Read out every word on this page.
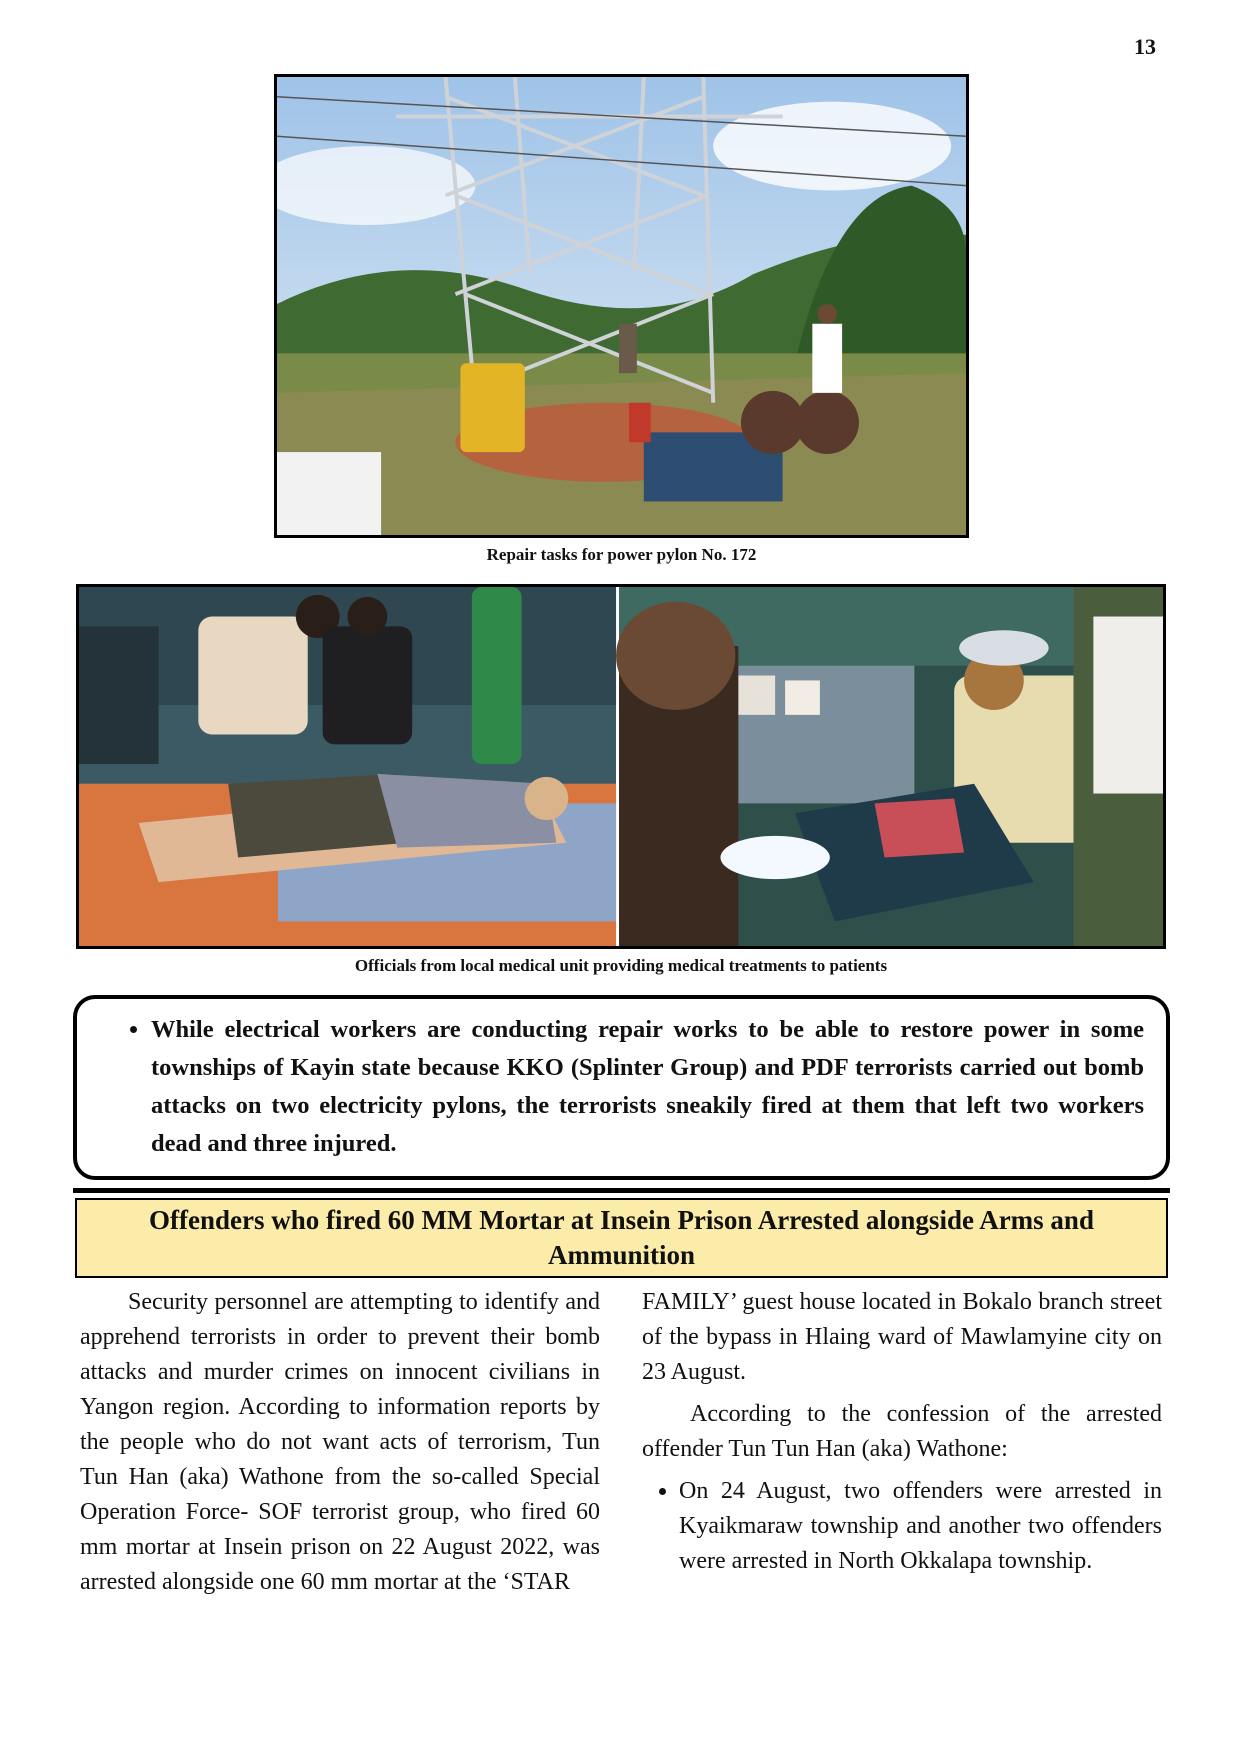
13
Repair tasks for power pylon No. 172
Officials from local medical unit providing medical treatments to patients
• While electrical workers are conducting repair works to be able to restore power in some townships of Kayin state because KKO (Splinter Group) and PDF terrorists carried out bomb attacks on two electricity pylons, the terrorists sneakily fired at them that left two workers dead and three injured.
Offenders who fired 60 MM Mortar at Insein Prison Arrested alongside Arms and Ammunition

Security personnel are attempting to identify and apprehend terrorists in order to prevent their bomb attacks and murder crimes on innocent civilians in Yangon region. According to information reports by the people who do not want acts of terrorism, Tun Tun Han (aka) Wathone from the so-called Special Operation Force- SOF terrorist group, who fired 60 mm mortar at Insein prison on 22 August 2022, was arrested alongside one 60 mm mortar at the ‘STAR

FAMILY’ guest house located in Bokalo branch street of the bypass in Hlaing ward of Mawlamyine city on 23 August.

According to the confession of the arrested offender Tun Tun Han (aka) Wathone:

• On 24 August, two offenders were arrested in Kyaikmaraw township and another two offenders were arrested in North Okkalapa township.
